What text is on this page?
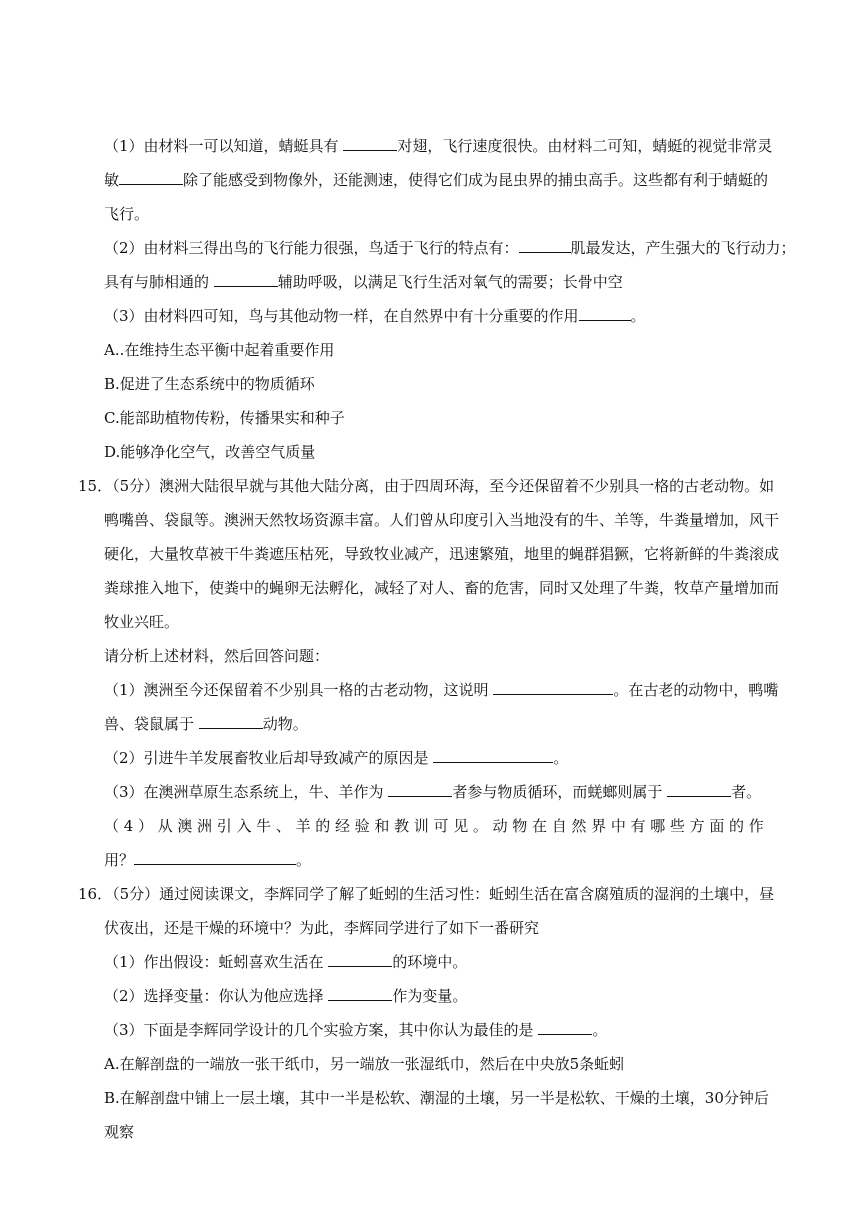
（1）由材料一可以知道，蜻蜓具有	对翅，飞行速度很快。由材料二可知，蜻蜓的视觉非常灵
敏	除了能感受到物像外，还能测速，使得它们成为昆虫界的捕虫高手。这些都有利于蜻蜓的
飞行。
（2）由材料三得出鸟的飞行能力很强，鸟适于飞行的特点有：	肌最发达，产生强大的飞行动力；
具有与肺相通的	辅助呼吸，以满足飞行生活对氧气的需要；长骨中空
（3）由材料四可知，鸟与其他动物一样，在自然界中有十分重要的作用	。
A..在维持生态平衡中起着重要作用
B.促进了生态系统中的物质循环
C.能部助植物传粉，传播果实和种子
D.能够净化空气，改善空气质量
15．（5分）澳洲大陆很早就与其他大陆分离，由于四周环海，至今还保留着不少别具一格的古老动物。如
鸭嘴兽、袋鼠等。澳洲天然牧场资源丰富。人们曾从印度引入当地没有的牛、羊等，牛粪量增加，风干
硬化，大量牧草被干牛粪遮压枯死，导致牧业减产，迅速繁殖，地里的蝇群猖獗，它将新鲜的牛粪滚成
粪球推入地下，使粪中的蝇卵无法孵化，减轻了对人、畜的危害，同时又处理了牛粪，牧草产量增加而
牧业兴旺。
请分析上述材料，然后回答问题：
（1）澳洲至今还保留着不少别具一格的古老动物，这说明	。在古老的动物中，鸭嘴
兽、袋鼠属于	动物。
（2）引进牛羊发展畜牧业后却导致减产的原因是	。
（3）在澳洲草原生态系统上，牛、羊作为	者参与物质循环，而蜣螂则属于	者。
（ 4 ） 从 澳 洲 引 入 牛 、 羊 的 经 验 和 教 训 可 见 。 动 物 在 自 然 界 中 有 哪 些 方 面 的 作
用？	。
16．（5分）通过阅读课文，李辉同学了解了蚯蚓的生活习性：蚯蚓生活在富含腐殖质的湿润的土壤中，昼
伏夜出，还是干燥的环境中？为此，李辉同学进行了如下一番研究
（1）作出假设：蚯蚓喜欢生活在	的环境中。
（2）选择变量：你认为他应选择	作为变量。
（3）下面是李辉同学设计的几个实验方案，其中你认为最佳的是	。
A.在解剖盘的一端放一张干纸巾，另一端放一张湿纸巾，然后在中央放5条蚯蚓
B.在解剖盘中铺上一层土壤，其中一半是松软、潮湿的土壤，另一半是松软、干燥的土壤，30分钟后
观察
